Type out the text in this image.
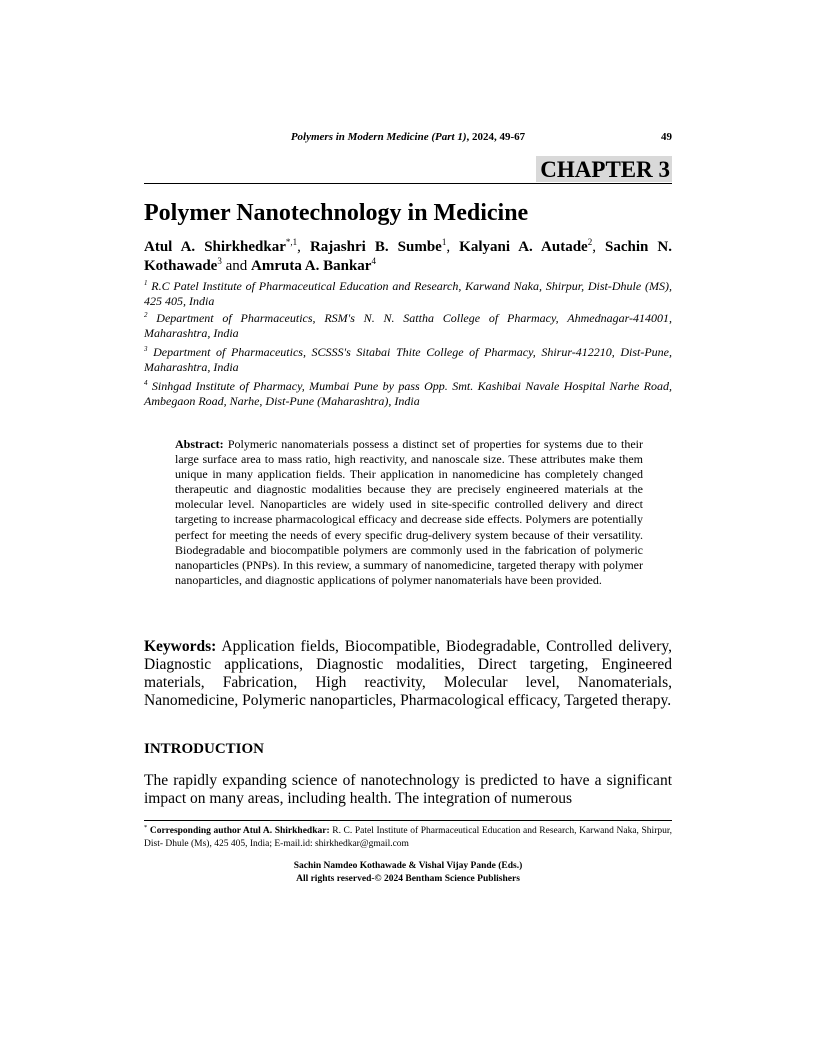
Polymers in Modern Medicine (Part 1), 2024, 49-67	49
CHAPTER 3
Polymer Nanotechnology in Medicine
Atul A. Shirkhedkar$^{*,1}$, Rajashri B. Sumbe$^1$, Kalyani A. Autade$^2$, Sachin N. Kothawade$^3$ and Amruta A. Bankar$^4$
$^1$ R.C Patel Institute of Pharmaceutical Education and Research, Karwand Naka, Shirpur, Dist-Dhule (MS), 425 405, India
$^2$ Department of Pharmaceutics, RSM's N. N. Sattha College of Pharmacy, Ahmednagar-414001, Maharashtra, India
$^3$ Department of Pharmaceutics, SCSSS's Sitabai Thite College of Pharmacy, Shirur-412210, Dist-Pune, Maharashtra, India
$^4$ Sinhgad Institute of Pharmacy, Mumbai Pune by pass Opp. Smt. Kashibai Navale Hospital Narhe Road, Ambegaon Road, Narhe, Dist-Pune (Maharashtra), India
Abstract: Polymeric nanomaterials possess a distinct set of properties for systems due to their large surface area to mass ratio, high reactivity, and nanoscale size. These attributes make them unique in many application fields. Their application in nanomedicine has completely changed therapeutic and diagnostic modalities because they are precisely engineered materials at the molecular level. Nanoparticles are widely used in site-specific controlled delivery and direct targeting to increase pharmacological efficacy and decrease side effects. Polymers are potentially perfect for meeting the needs of every specific drug-delivery system because of their versatility. Biodegradable and biocompatible polymers are commonly used in the fabrication of polymeric nanoparticles (PNPs). In this review, a summary of nanomedicine, targeted therapy with polymer nanoparticles, and diagnostic applications of polymer nanomaterials have been provided.
Keywords: Application fields, Biocompatible, Biodegradable, Controlled delivery, Diagnostic applications, Diagnostic modalities, Direct targeting, Engineered materials, Fabrication, High reactivity, Molecular level, Nanomaterials, Nanomedicine, Polymeric nanoparticles, Pharmacological efficacy, Targeted therapy.
INTRODUCTION
The rapidly expanding science of nanotechnology is predicted to have a significant impact on many areas, including health. The integration of numerous
* Corresponding author Atul A. Shirkhedkar: R. C. Patel Institute of Pharmaceutical Education and Research, Karwand Naka, Shirpur, Dist- Dhule (Ms), 425 405, India; E-mail.id: shirkhedkar@gmail.com
Sachin Namdeo Kothawade & Vishal Vijay Pande (Eds.)
All rights reserved-© 2024 Bentham Science Publishers
